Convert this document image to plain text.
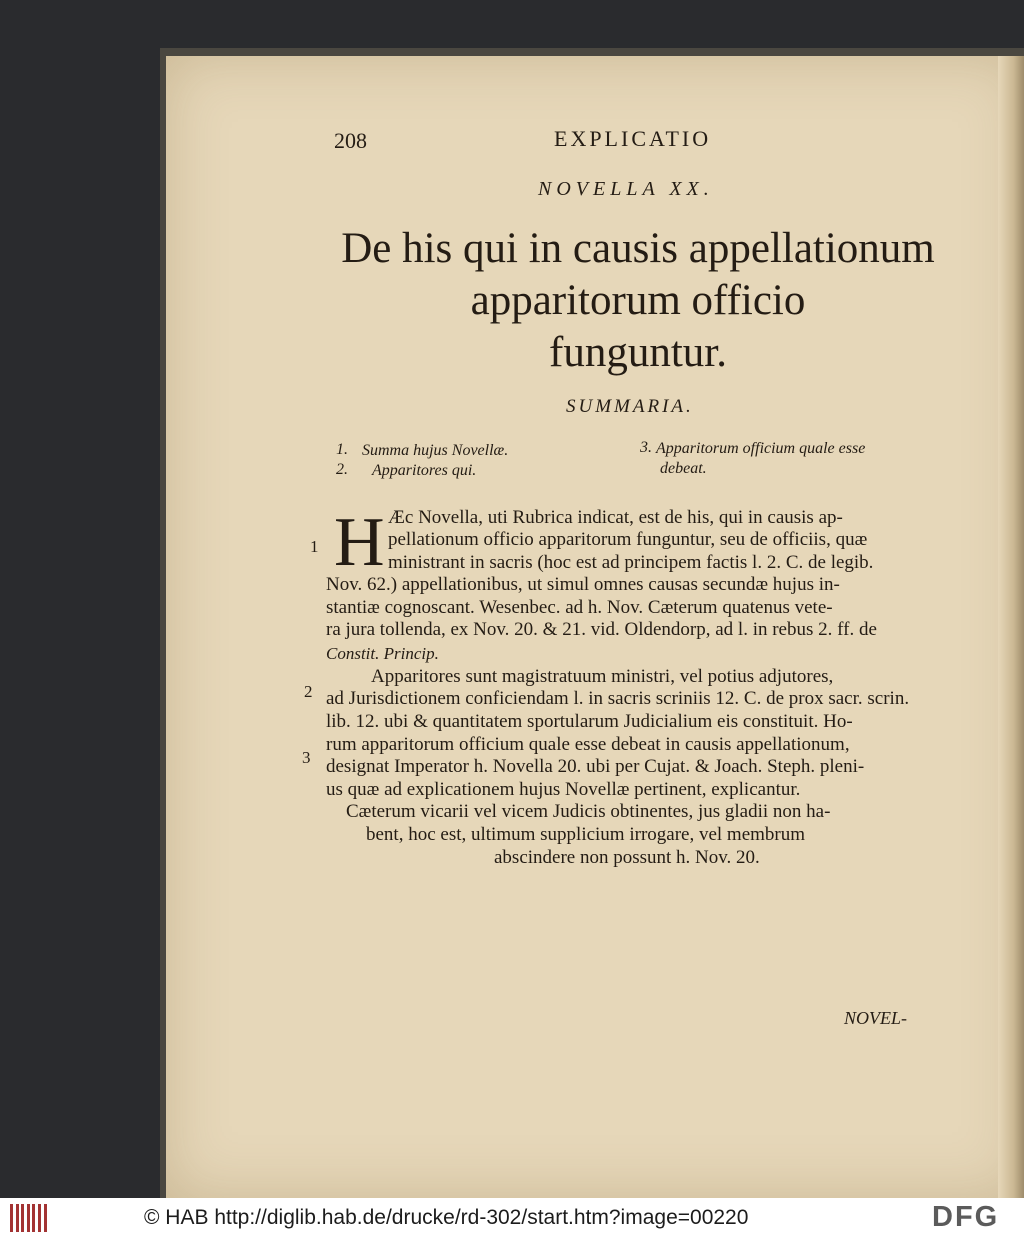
208	EXPLICATIO
NOVELLA XX.
De his qui in causis appellationum
apparitorum officio
funguntur.
SUMMARIA.
1. Summa hujus Novellæ.
2. Apparitores qui.
3. Apparitorum officium quale esse
debeat.
H Æc Novella, uti Rubrica indicat, est de his, qui in causis ap-
pellationum officio apparitorum funguntur, seu de officiis, quæ
ministrant in sacris (hoc est ad principem factis l. 2. C. de legib.
Nov. 62.) appellationibus, ut simul omnes causas secundæ hujus in-
stantiæ cognoscant. Wesenbec. ad h. Nov. Cæterum quatenus vete-
ra jura tollenda, ex Nov. 20. & 21. vid. Oldendorp, ad l. in rebus 2. ff. de
Constit. Princip.
Apparitores sunt magistratuum ministri, vel potius adjutores,
ad Jurisdictionem conficiendam l. in sacris scriniis 12. C. de prox sacr. scrin.
lib. 12. ubi & quantitatem sportularum Judicialium eis constituit. Ho-
rum apparitorum officium quale esse debeat in causis appellationum,
designat Imperator h. Novella 20. ubi per Cujat. & Joach. Steph. pleni-
us quæ ad explicationem hujus Novellæ pertinent, explicantur.
Cæterum vicarii vel vicem Judicis obtinentes, jus gladii non ha-
bent, hoc est, ultimum supplicium irrogare, vel membrum
abscindere non possunt h. Nov. 20.
1
2
3
NOVEL-
© HAB http://diglib.hab.de/drucke/rd-302/start.htm?image=00220	DFG
